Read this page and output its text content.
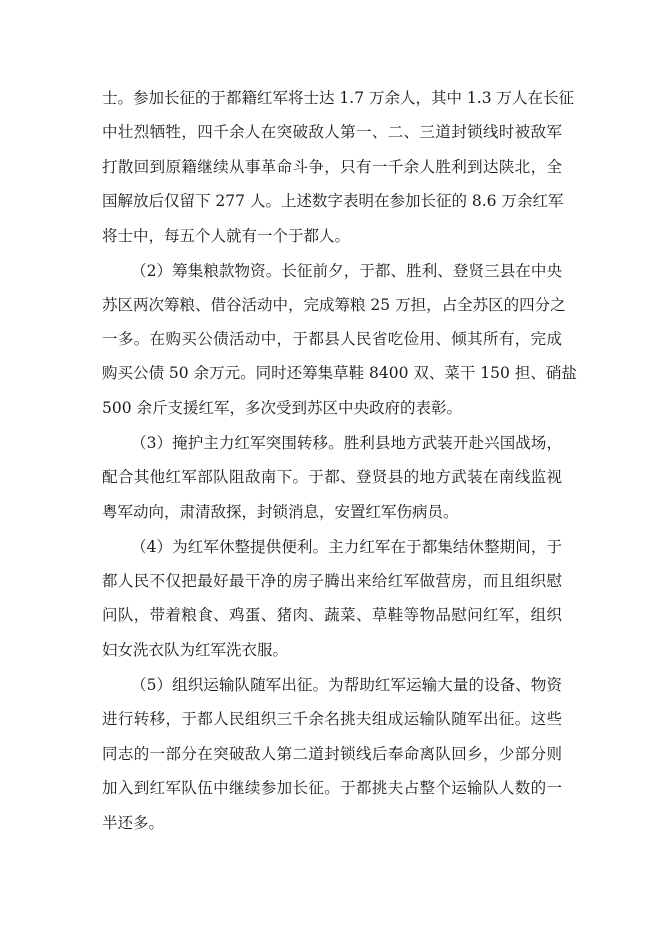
士。参加长征的于都籍红军将士达 1.7 万余人，其中 1.3 万人在长征
中壮烈牺牲，四千余人在突破敌人第一、二、三道封锁线时被敌军
打散回到原籍继续从事革命斗争，只有一千余人胜利到达陕北，全
国解放后仅留下 277 人。上述数字表明在参加长征的 8.6 万余红军
将士中，每五个人就有一个于都人。
（2）筹集粮款物资。长征前夕，于都、胜利、登贤三县在中央
苏区两次筹粮、借谷活动中，完成筹粮 25 万担，占全苏区的四分之
一多。在购买公债活动中，于都县人民省吃俭用、倾其所有，完成
购买公债 50 余万元。同时还筹集草鞋 8400 双、菜干 150 担、硝盐
500 余斤支援红军，多次受到苏区中央政府的表彰。
（3）掩护主力红军突围转移。胜利县地方武装开赴兴国战场，
配合其他红军部队阻敌南下。于都、登贤县的地方武装在南线监视
粤军动向，肃清敌探，封锁消息，安置红军伤病员。
（4）为红军休整提供便利。主力红军在于都集结休整期间，于
都人民不仅把最好最干净的房子腾出来给红军做营房，而且组织慰
问队，带着粮食、鸡蛋、猪肉、蔬菜、草鞋等物品慰问红军，组织
妇女洗衣队为红军洗衣服。
（5）组织运输队随军出征。为帮助红军运输大量的设备、物资
进行转移，于都人民组织三千余名挑夫组成运输队随军出征。这些
同志的一部分在突破敌人第二道封锁线后奉命离队回乡，少部分则
加入到红军队伍中继续参加长征。于都挑夫占整个运输队人数的一
半还多。
